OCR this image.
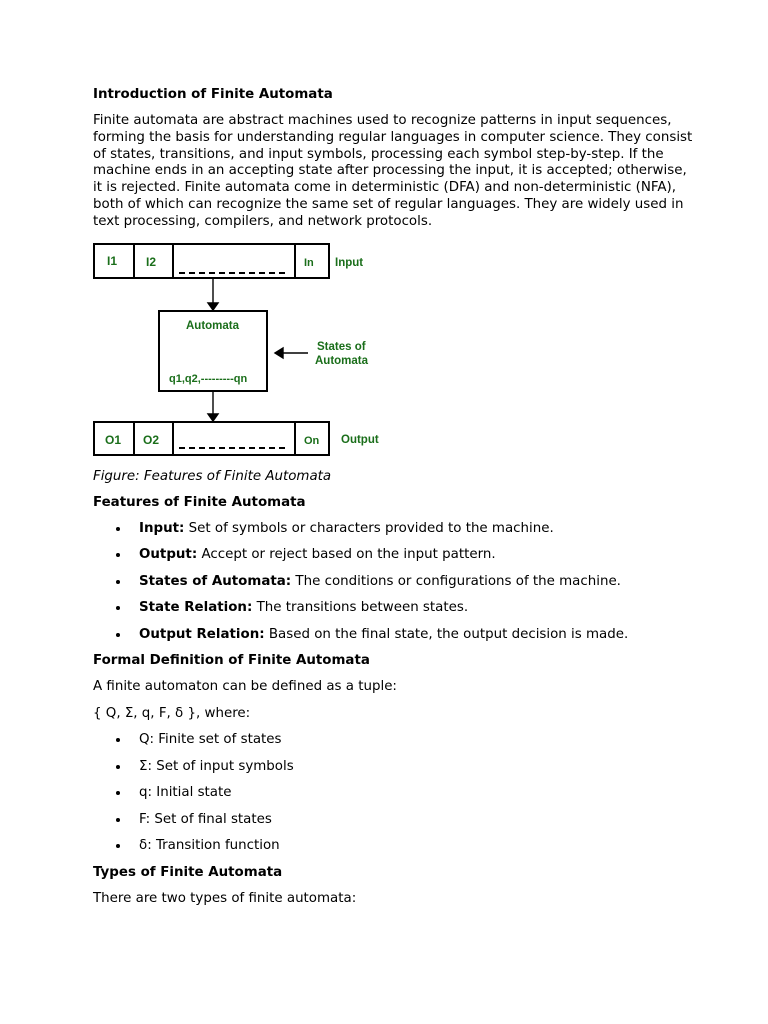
Introduction of Finite Automata

Finite automata are abstract machines used to recognize patterns in input sequences, forming the basis for understanding regular languages in computer science. They consist of states, transitions, and input symbols, processing each symbol step-by-step. If the machine ends in an accepting state after processing the input, it is accepted; otherwise, it is rejected. Finite automata come in deterministic (DFA) and non-deterministic (NFA), both of which can recognize the same set of regular languages. They are widely used in text processing, compilers, and network protocols.

I1 I2	In Input
Automata
q1,q2,---------qn
States of
Automata
O1 O2	On Output
Figure: Features of Finite Automata
Features of Finite Automata
Input: Set of symbols or characters provided to the machine.
Output: Accept or reject based on the input pattern.
States of Automata: The conditions or configurations of the machine.
State Relation: The transitions between states.
Output Relation: Based on the final state, the output decision is made.
Formal Definition of Finite Automata
A finite automaton can be defined as a tuple:
{ Q, Σ, q, F, δ }, where:
Q: Finite set of states
Σ: Set of input symbols
q: Initial state
F: Set of final states
δ: Transition function
Types of Finite Automata
There are two types of finite automata:
